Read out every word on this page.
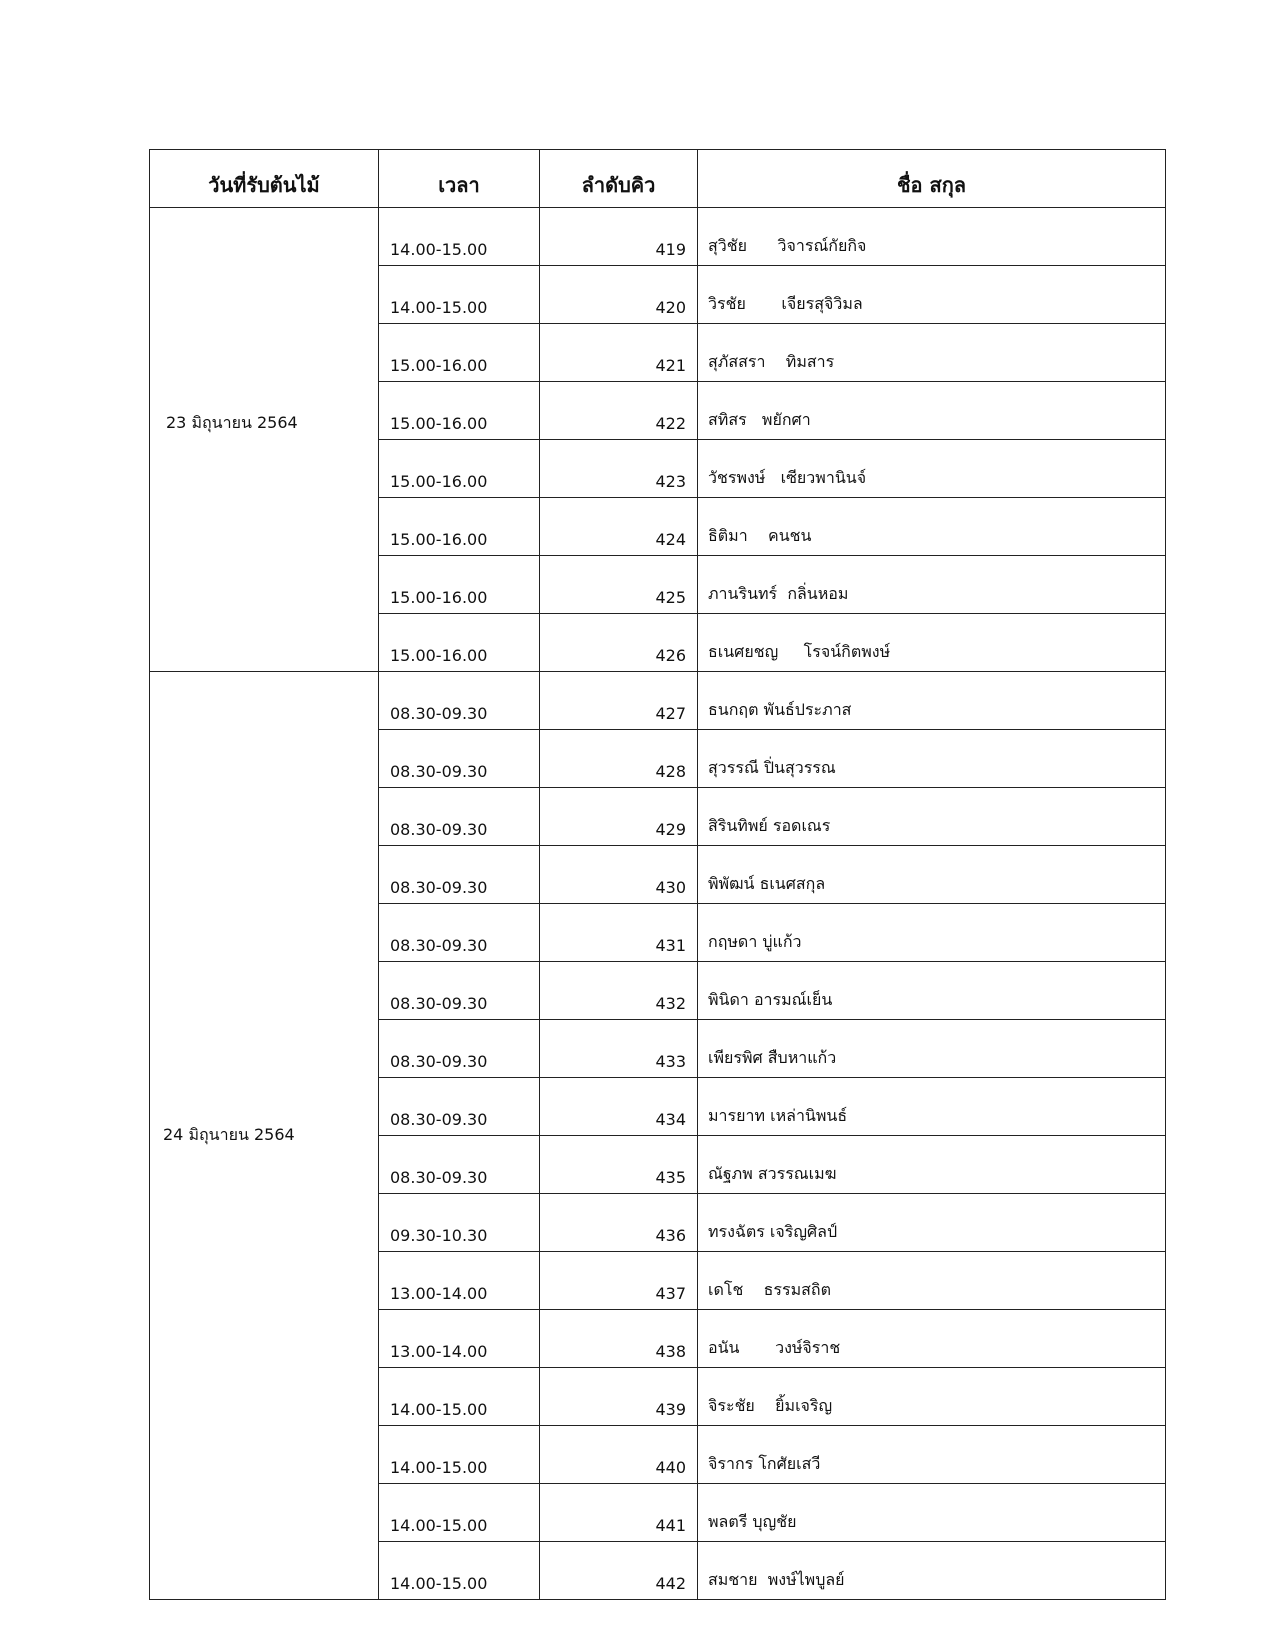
วันที่รับต้นไม้	เวลา	ลำดับคิว	ชื่อ สกุล
23 มิถุนายน 2564	14.00-15.00	419	สุวิชัย      วิจารณ์กัยกิจ
	14.00-15.00	420	วิรชัย       เจียรสุจิวิมล
	15.00-16.00	421	สุภัสสรา    ทิมสาร
	15.00-16.00	422	สทิสร   พยักศา
	15.00-16.00	423	วัชรพงษ์   เซียวพานินจ์
	15.00-16.00	424	ธิติมา    คนชน
	15.00-16.00	425	ภานรินทร์  กลิ่นหอม
	15.00-16.00	426	ธเนศยชญ     โรจน์กิตพงษ์
24 มิถุนายน 2564	08.30-09.30	427	ธนกฤต พันธ์ประภาส
	08.30-09.30	428	สุวรรณี ปิ่นสุวรรณ
	08.30-09.30	429	สิรินทิพย์ รอดเณร
	08.30-09.30	430	พิพัฒน์ ธเนศสกุล
	08.30-09.30	431	กฤษดา บู่แก้ว
	08.30-09.30	432	พินิดา อารมณ์เย็น
	08.30-09.30	433	เพียรพิศ สืบหาแก้ว
	08.30-09.30	434	มารยาท เหล่านิพนธ์
	08.30-09.30	435	ณัฐภพ สวรรณเมฆ
	09.30-10.30	436	ทรงฉัตร เจริญศิลป์
	13.00-14.00	437	เดโช    ธรรมสถิต
	13.00-14.00	438	อนัน       วงษ์จิราช
	14.00-15.00	439	จิระชัย    ยิ้มเจริญ
	14.00-15.00	440	จิรากร โกศัยเสวี
	14.00-15.00	441	พลตรี บุญชัย
	14.00-15.00	442	สมชาย  พงษ์ไพบูลย์
